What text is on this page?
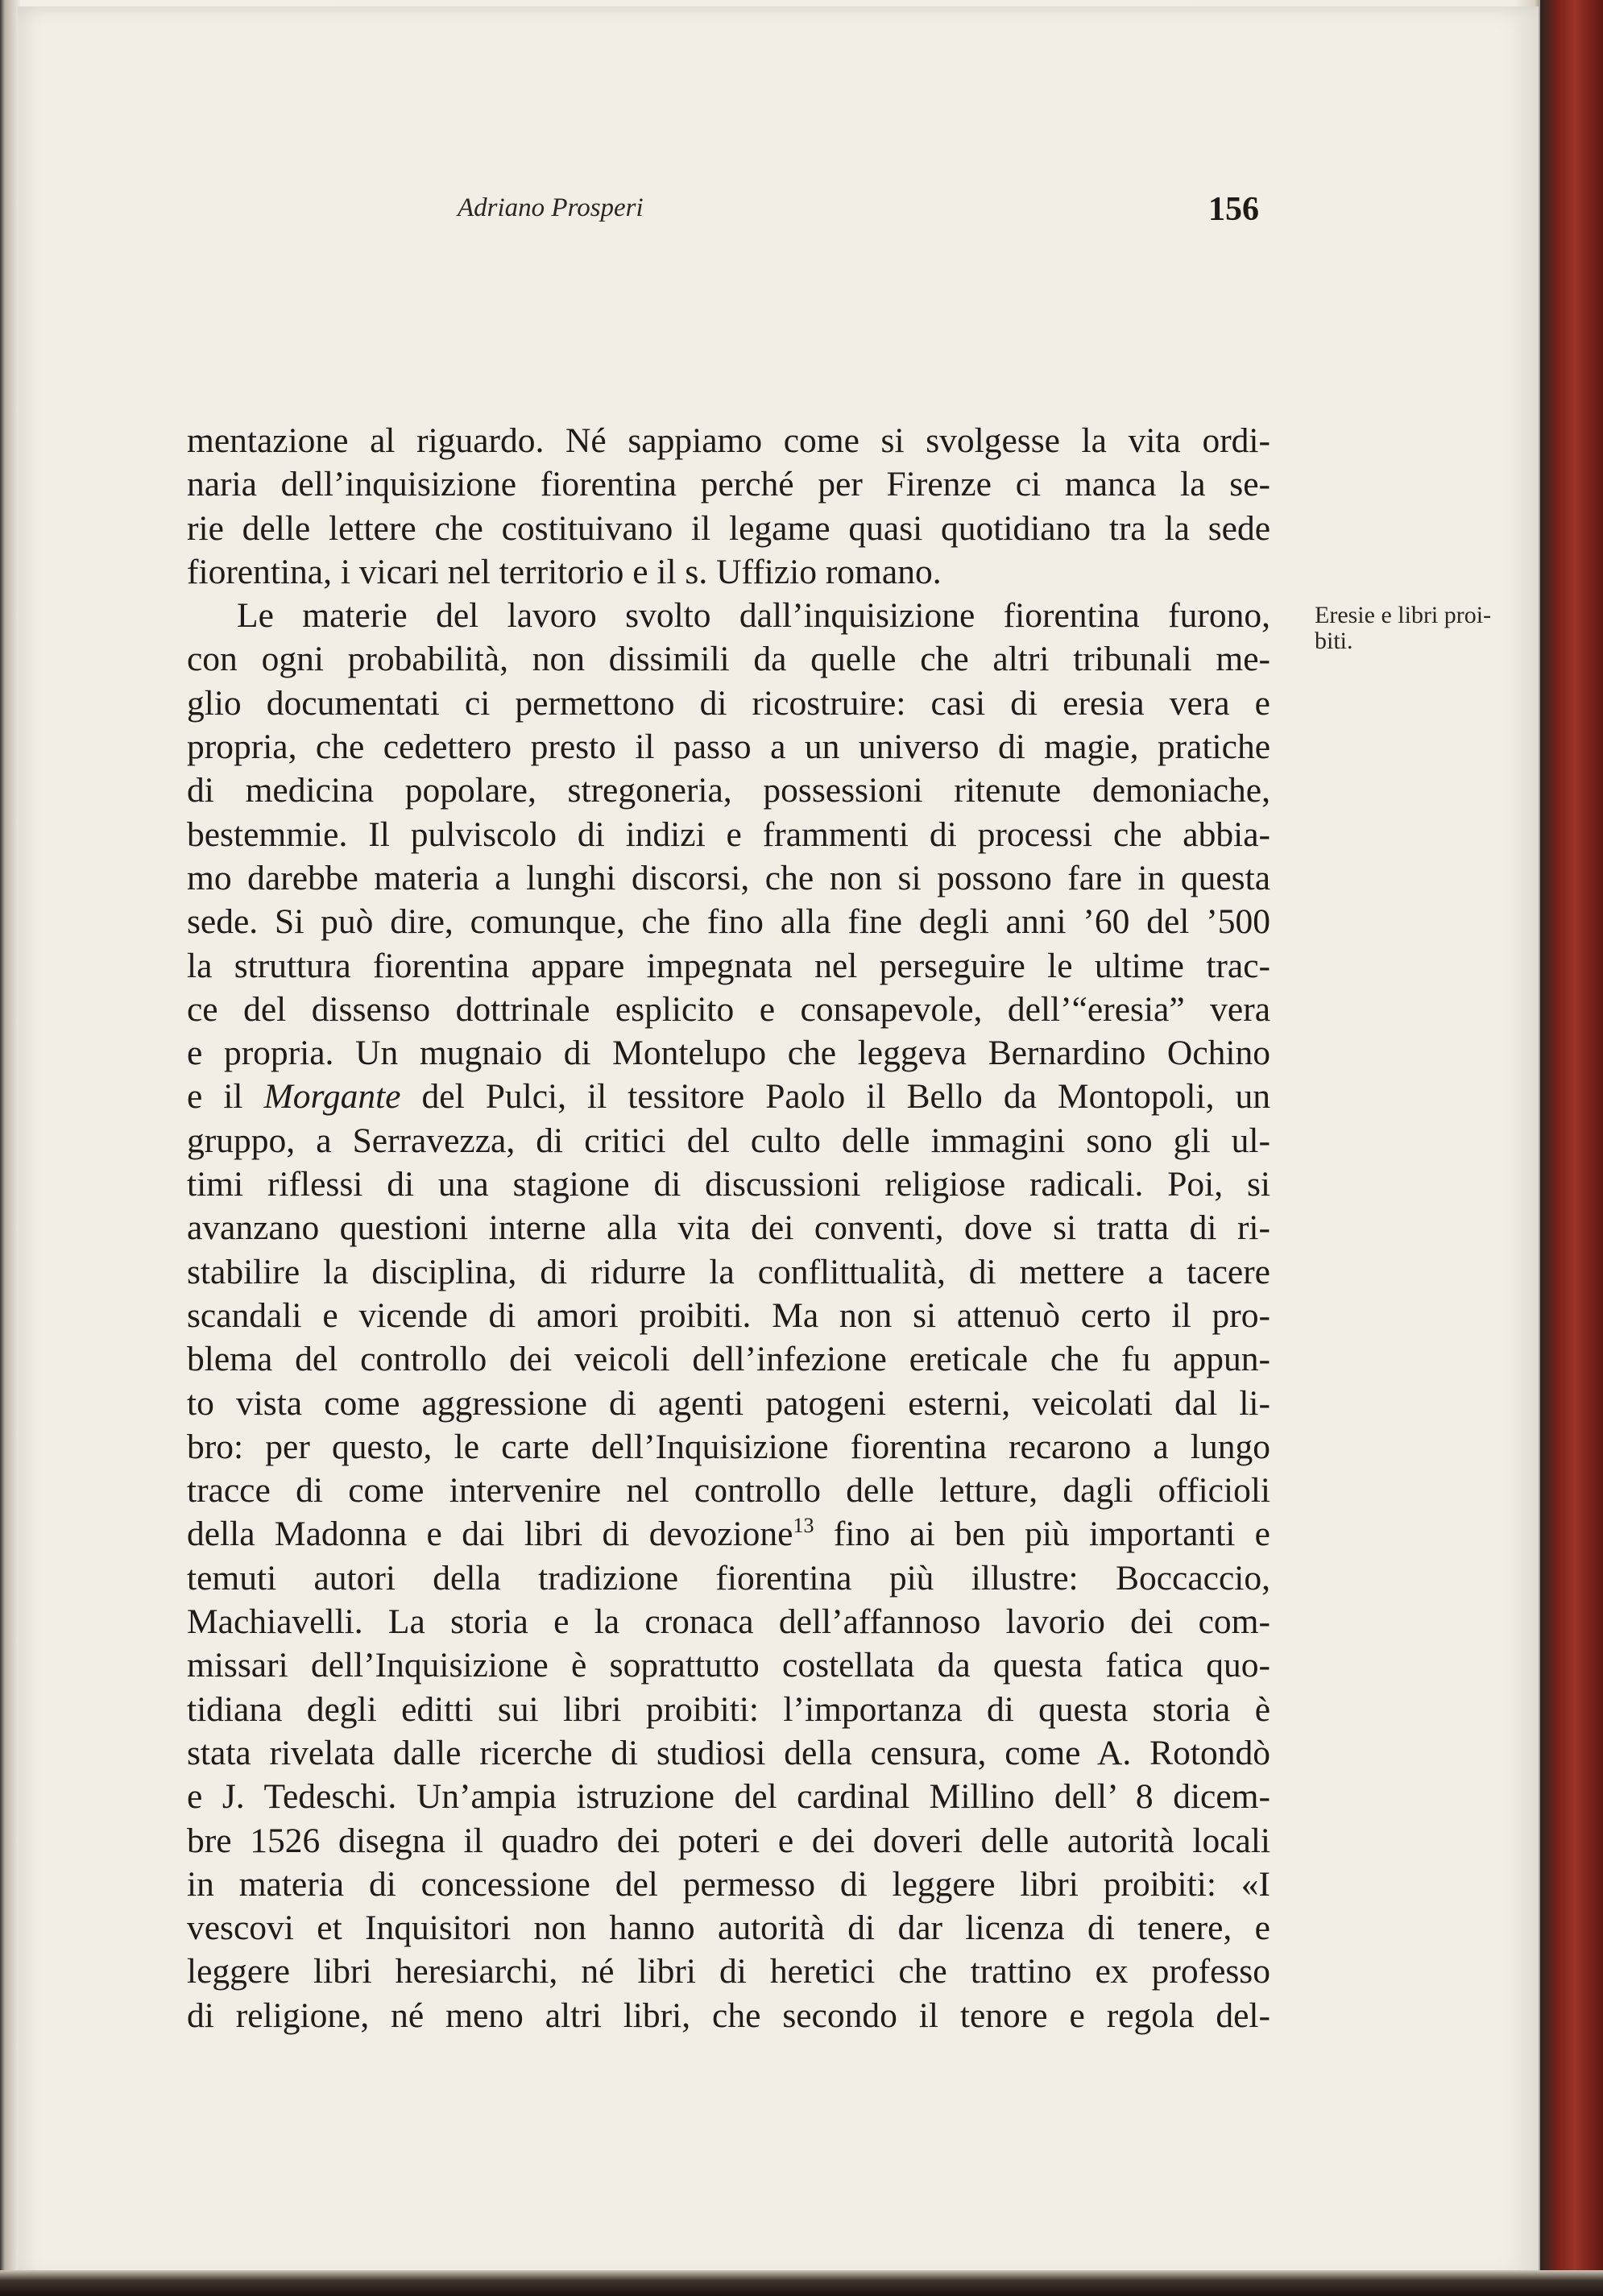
Adriano Prosperi	156
Eresie e libri proi-
biti.
mentazione al riguardo. Né sappiamo come si svolgesse la vita ordi-
naria dell’inquisizione fiorentina perché per Firenze ci manca la se-
rie delle lettere che costituivano il legame quasi quotidiano tra la sede
fiorentina, i vicari nel territorio e il s. Uffizio romano.
Le materie del lavoro svolto dall’inquisizione fiorentina furono,
con ogni probabilità, non dissimili da quelle che altri tribunali me-
glio documentati ci permettono di ricostruire: casi di eresia vera e
propria, che cedettero presto il passo a un universo di magie, pratiche
di medicina popolare, stregoneria, possessioni ritenute demoniache,
bestemmie. Il pulviscolo di indizi e frammenti di processi che abbia-
mo darebbe materia a lunghi discorsi, che non si possono fare in questa
sede. Si può dire, comunque, che fino alla fine degli anni ’60 del ’500
la struttura fiorentina appare impegnata nel perseguire le ultime trac-
ce del dissenso dottrinale esplicito e consapevole, dell’“eresia” vera
e propria. Un mugnaio di Montelupo che leggeva Bernardino Ochino
e il Morgante del Pulci, il tessitore Paolo il Bello da Montopoli, un
gruppo, a Serravezza, di critici del culto delle immagini sono gli ul-
timi riflessi di una stagione di discussioni religiose radicali. Poi, si
avanzano questioni interne alla vita dei conventi, dove si tratta di ri-
stabilire la disciplina, di ridurre la conflittualità, di mettere a tacere
scandali e vicende di amori proibiti. Ma non si attenuò certo il pro-
blema del controllo dei veicoli dell’infezione ereticale che fu appun-
to vista come aggressione di agenti patogeni esterni, veicolati dal li-
bro: per questo, le carte dell’Inquisizione fiorentina recarono a lungo
tracce di come intervenire nel controllo delle letture, dagli officioli
della Madonna e dai libri di devozione$^{13}$ fino ai ben più importanti e
temuti autori della tradizione fiorentina più illustre: Boccaccio,
Machiavelli. La storia e la cronaca dell’affannoso lavorio dei com-
missari dell’Inquisizione è soprattutto costellata da questa fatica quo-
tidiana degli editti sui libri proibiti: l’importanza di questa storia è
stata rivelata dalle ricerche di studiosi della censura, come A. Rotondò
e J. Tedeschi. Un’ampia istruzione del cardinal Millino dell’ 8 dicem-
bre 1526 disegna il quadro dei poteri e dei doveri delle autorità locali
in materia di concessione del permesso di leggere libri proibiti: «I
vescovi et Inquisitori non hanno autorità di dar licenza di tenere, e
leggere libri heresiarchi, né libri di heretici che trattino ex professo
di religione, né meno altri libri, che secondo il tenore e regola del-
